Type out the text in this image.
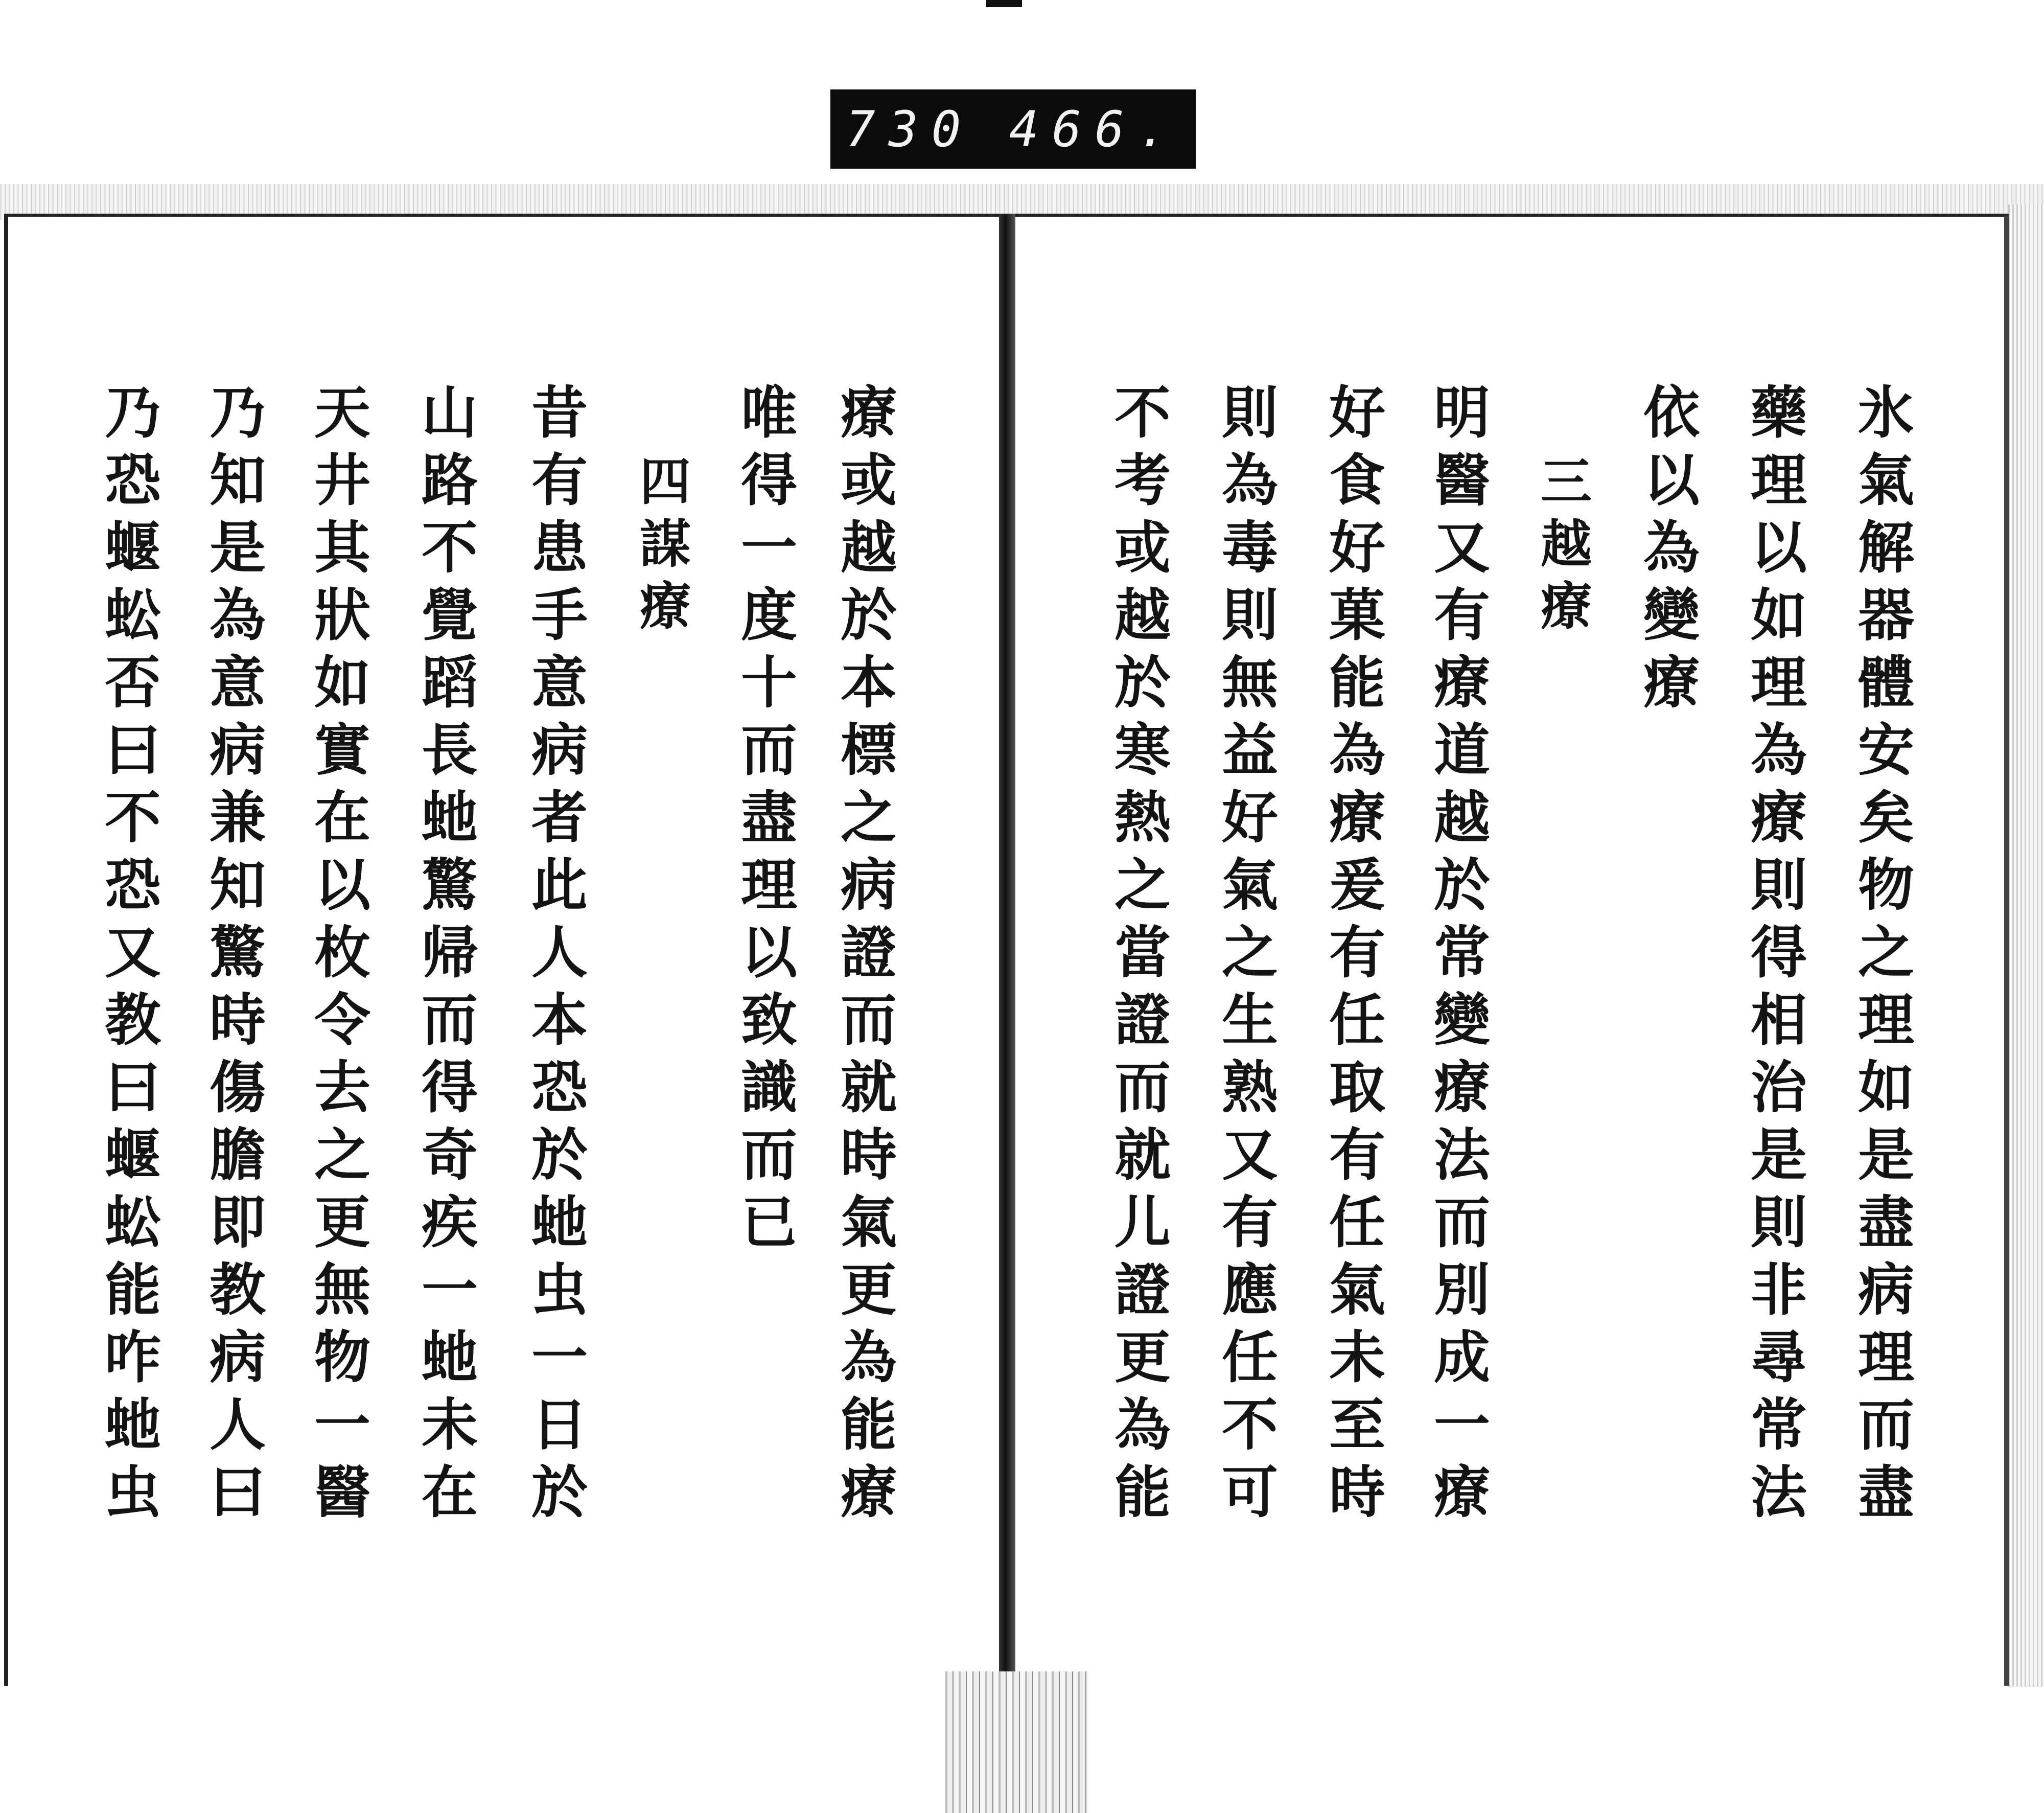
730 466.
療或越於本標之病證而就時氣更為能療
唯得一度十而盡理以致識而已
四謀療
昔有患手意病者此人本恐於虵虫一日於
山路不覺蹈長虵驚帰而得奇疾一虵未在
天井其狀如實在以枚令去之更無物一醫
乃知是為意病兼知驚時傷膽即教病人曰
乃恐蝘蚣否曰不恐又教曰蝘蚣能咋虵虫	氷氣解器體安矣物之理如是盡病理而盡
藥理以如理為療則得相治是則非尋常法
依以為變療
三越療
明醫又有療道越於常變療法而別成一療
好食好菓能為療爰有任取有任氣未至時
則為毒則無益好氣之生熟又有應任不可
不考或越於寒熱之當證而就儿證更為能
